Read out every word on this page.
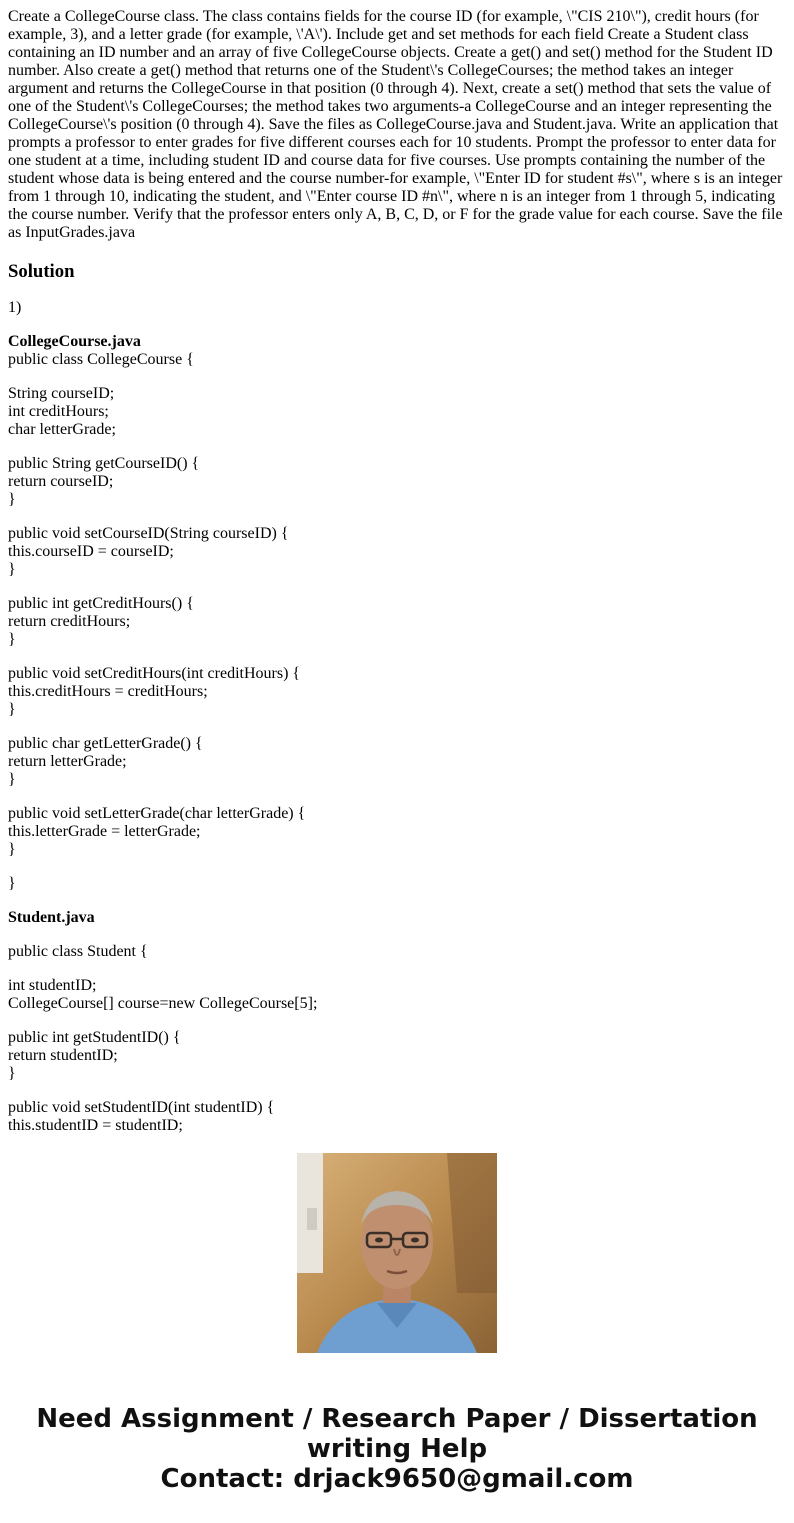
Create a CollegeCourse class. The class contains fields for the course ID (for example, \"CIS 210\"), credit hours (for example, 3), and a letter grade (for example, \'A\'). Include get and set methods for each field Create a Student class containing an ID number and an array of five CollegeCourse objects. Create a get() and set() method for the Student ID number. Also create a get() method that returns one of the Student\'s CollegeCourses; the method takes an integer argument and returns the CollegeCourse in that position (0 through 4). Next, create a set() method that sets the value of one of the Student\'s CollegeCourses; the method takes two arguments-a CollegeCourse and an integer representing the CollegeCourse\'s position (0 through 4). Save the files as CollegeCourse.java and Student.java. Write an application that prompts a professor to enter grades for five different courses each for 10 students. Prompt the professor to enter data for one student at a time, including student ID and course data for five courses. Use prompts containing the number of the student whose data is being entered and the course number-for example, \"Enter ID for student #s\", where s is an integer from 1 through 10, indicating the student, and \"Enter course ID #n\", where n is an integer from 1 through 5, indicating the course number. Verify that the professor enters only A, B, C, D, or F for the grade value for each course. Save the file as InputGrades.java

Solution

1)

CollegeCourse.java
public class CollegeCourse {
String courseID;
int creditHours;
char letterGrade;
public String getCourseID() {
return courseID;
}
public void setCourseID(String courseID) {
this.courseID = courseID;
}
public int getCreditHours() {
return creditHours;
}
public void setCreditHours(int creditHours) {
this.creditHours = creditHours;
}
public char getLetterGrade() {
return letterGrade;
}
public void setLetterGrade(char letterGrade) {
this.letterGrade = letterGrade;
}
}
Student.java
public class Student {
int studentID;
CollegeCourse[] course=new CollegeCourse[5];
public int getStudentID() {
return studentID;
}
public void setStudentID(int studentID) {
this.studentID = studentID;
Need Assignment / Research Paper / Dissertation
writing Help
Contact: drjack9650@gmail.com
